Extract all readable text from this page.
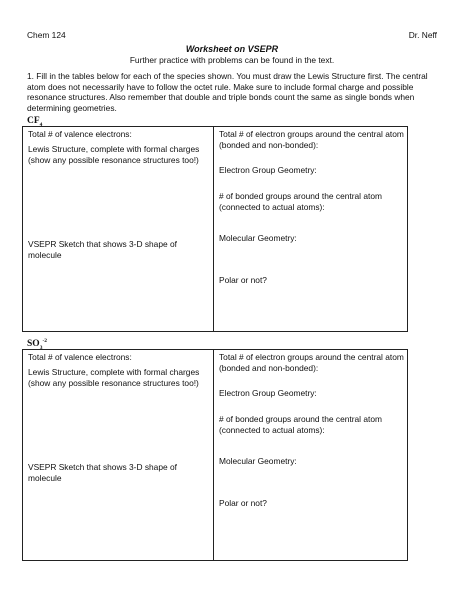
Chem 124	Dr. Neff
Worksheet on VSEPR
Further practice with problems can be found in the text.
1. Fill in the tables below for each of the species shown. You must draw the Lewis Structure first. The central atom does not necessarily have to follow the octet rule. Make sure to include formal charge and possible resonance structures. Also remember that double and triple bonds count the same as single bonds when determining geometries.
$CF_4$
Total # of valence electrons:
Lewis Structure, complete with formal charges (show any possible resonance structures too!)
VSEPR Sketch that shows 3-D shape of molecule
Total # of electron groups around the central atom (bonded and non-bonded):
Electron Group Geometry:
# of bonded groups around the central atom (connected to actual atoms):
Molecular Geometry:
Polar or not?
$SO_3^{-2}$
Total # of valence electrons:
Lewis Structure, complete with formal charges (show any possible resonance structures too!)
VSEPR Sketch that shows 3-D shape of molecule
Total # of electron groups around the central atom (bonded and non-bonded):
Electron Group Geometry:
# of bonded groups around the central atom (connected to actual atoms):
Molecular Geometry:
Polar or not?
